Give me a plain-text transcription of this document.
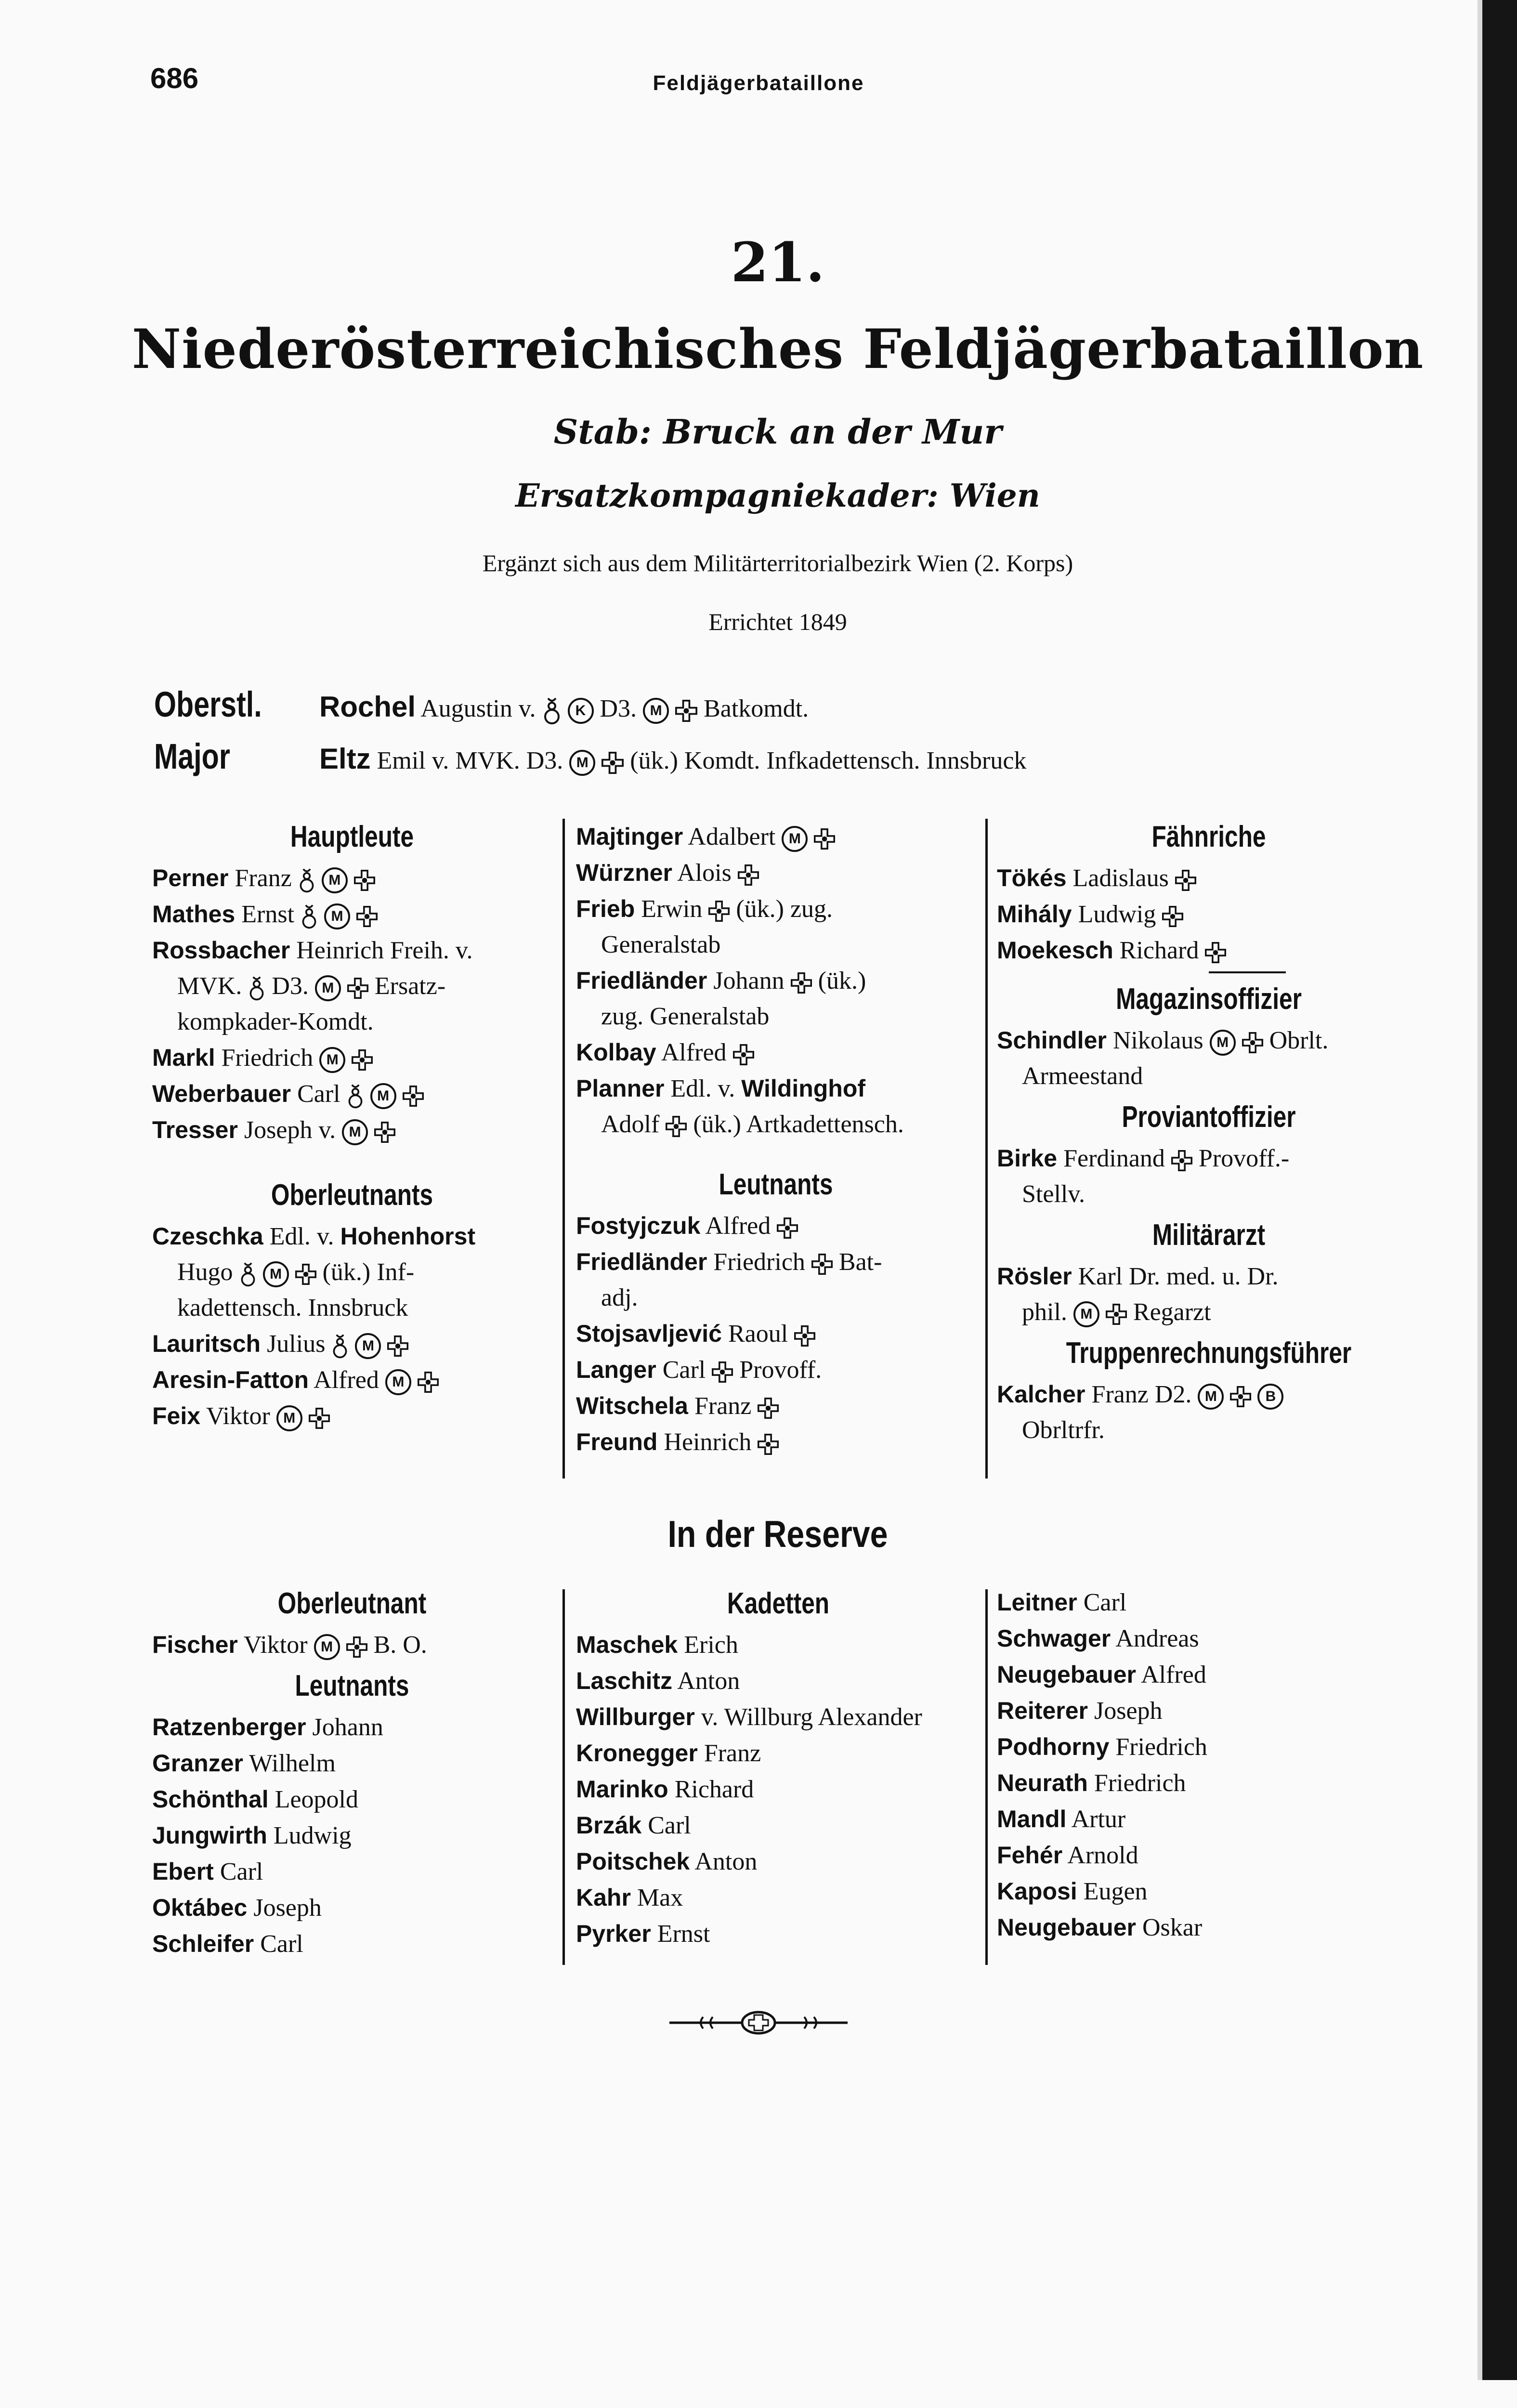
686	Feldjägerbataillone
21.
Niederösterreichisches Feldjägerbataillon
Stab: Bruck an der Mur
Ersatzkompagniekader: Wien
Ergänzt sich aus dem Militärterritorialbezirk Wien (2. Korps)
Errichtet 1849
Oberstl. Rochel Augustin v.	K D3. M Batkomdt.
Major	Eltz Emil v. MVK. D3. M (ük.) Komdt. Infkadettensch. Innsbruck

Hauptleute

Perner Franz	M

Mathes Ernst	M

Rossbacher Heinrich Freih. v.

MVK. D3. M Ersatz-

kompkader-Komdt.

Markl Friedrich M

Weberbauer Carl	M

Tresser Joseph v. M

Oberleutnants

Czeschka Edl. v. Hohenhorst

Hugo	M (ük.) Inf-

kadettensch. Innsbruck

Lauritsch Julius	M

Aresin-Fatton Alfred M

Feix Viktor M

Majtinger Adalbert M

Würzner Alois

Frieb Erwin (ük.) zug.

Generalstab

Friedländer Johann (ük.)

zug. Generalstab

Kolbay Alfred

Planner Edl. v. Wildinghof

Adolf (ük.) Artkadettensch.

Leutnants

Fostyjczuk Alfred

Friedländer Friedrich Bat-

adj.

Stojsavljević Raoul

Langer Carl Provoff.

Witschela Franz

Freund Heinrich

Fähnriche

Tökés Ladislaus

Mihály Ludwig

Moekesch Richard

Magazinsoffizier

Schindler Nikolaus M Obrlt.

Armeestand

Proviantoffizier

Birke Ferdinand Provoff.-

Stellv.

Militärarzt

Rösler Karl Dr. med. u. Dr.

phil. M Regarzt

Truppenrechnungsführer

Kalcher Franz D2. M	B

Obrltrfr.

In der Reserve

Oberleutnant

Fischer Viktor M B. O.

Leutnants

Ratzenberger Johann

Granzer Wilhelm

Schönthal Leopold

Jungwirth Ludwig

Ebert Carl

Oktábec Joseph

Schleifer Carl

Kadetten

Maschek Erich

Laschitz Anton

Willburger v. Willburg Alexander

Kronegger Franz

Marinko Richard

Brzák Carl

Poitschek Anton

Kahr Max

Pyrker Ernst

Leitner Carl

Schwager Andreas

Neugebauer Alfred

Reiterer Joseph

Podhorny Friedrich

Neurath Friedrich

Mandl Artur

Fehér Arnold

Kaposi Eugen

Neugebauer Oskar
